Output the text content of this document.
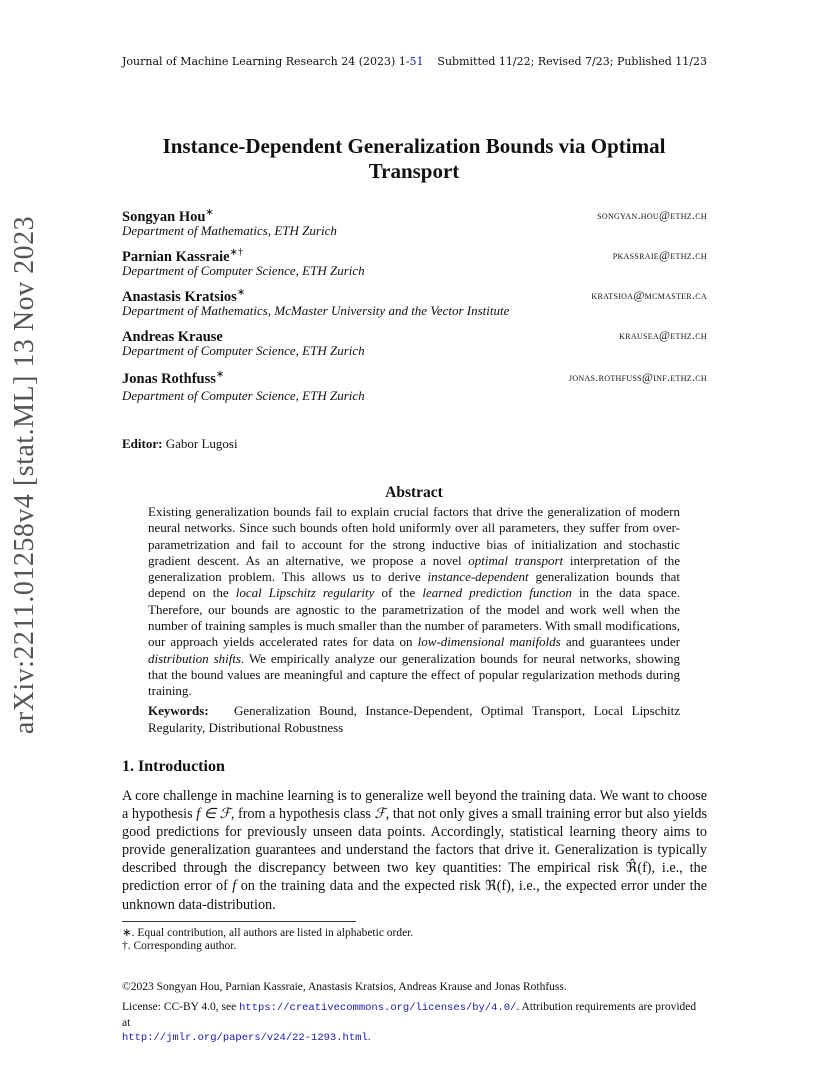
Journal of Machine Learning Research 24 (2023) 1-51 Submitted 11/22; Revised 7/23; Published 11/23
arXiv:2211.01258v4 [stat.ML] 13 Nov 2023
Instance-Dependent Generalization Bounds via Optimal Transport
Songyan Hou∗	songyan.hou@ethz.ch
Department of Mathematics, ETH Zurich
Parnian Kassraie∗†	pkassraie@ethz.ch
Department of Computer Science, ETH Zurich
Anastasis Kratsios∗	kratsioa@mcmaster.ca
Department of Mathematics, McMaster University and the Vector Institute
Andreas Krause	krausea@ethz.ch
Department of Computer Science, ETH Zurich
Jonas Rothfuss∗	jonas.rothfuss@inf.ethz.ch
Department of Computer Science, ETH Zurich
Editor: Gabor Lugosi
Abstract
Existing generalization bounds fail to explain crucial factors that drive the generalization of modern neural networks. Since such bounds often hold uniformly over all parameters, they suffer from over-parametrization and fail to account for the strong inductive bias of initialization and stochastic gradient descent. As an alternative, we propose a novel optimal transport interpretation of the generalization problem. This allows us to derive instance-dependent generalization bounds that depend on the local Lipschitz regularity of the learned prediction function in the data space. Therefore, our bounds are agnostic to the parametrization of the model and work well when the number of training samples is much smaller than the number of parameters. With small modifications, our approach yields accelerated rates for data on low-dimensional manifolds and guarantees under distribution shifts. We empirically analyze our generalization bounds for neural networks, showing that the bound values are meaningful and capture the effect of popular regularization methods during training.
Keywords: Generalization Bound, Instance-Dependent, Optimal Transport, Local Lipschitz Regularity, Distributional Robustness
1. Introduction
A core challenge in machine learning is to generalize well beyond the training data. We want to choose a hypothesis f ∈ ℱ, from a hypothesis class ℱ, that not only gives a small training error but also yields good predictions for previously unseen data points. Accordingly, statistical learning theory aims to provide generalization guarantees and understand the factors that drive it. Generalization is typically described through the discrepancy between two key quantities: The empirical risk ℜ̂(f), i.e., the prediction error of f on the training data and the expected risk ℜ(f), i.e., the expected error under the unknown data-distribution.
∗. Equal contribution, all authors are listed in alphabetic order.
†. Corresponding author.
©2023 Songyan Hou, Parnian Kassraie, Anastasis Kratsios, Andreas Krause and Jonas Rothfuss.
License: CC-BY 4.0, see https://creativecommons.org/licenses/by/4.0/. Attribution requirements are provided at
http://jmlr.org/papers/v24/22-1293.html.
